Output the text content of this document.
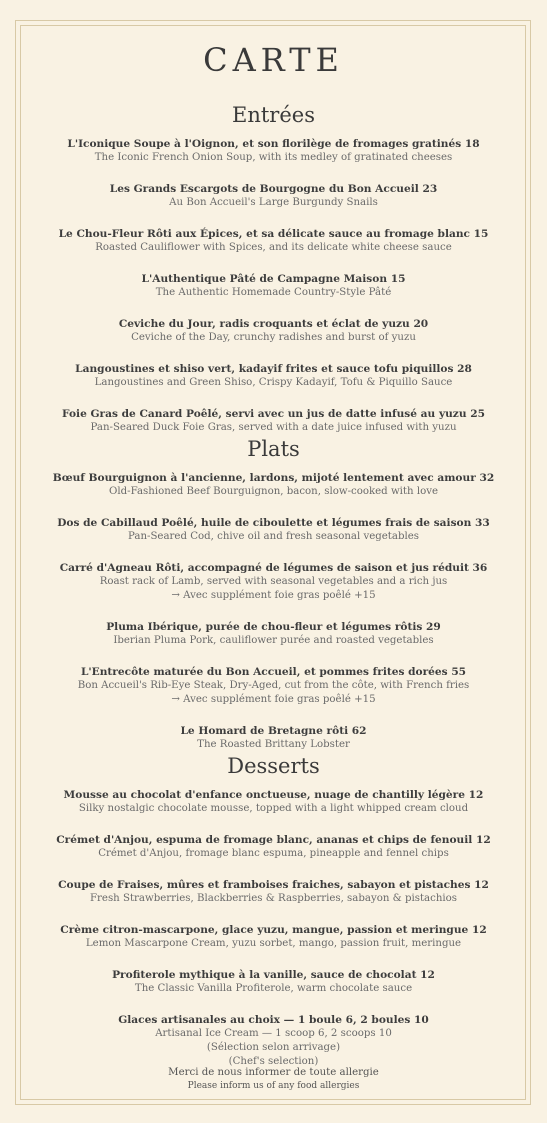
CARTE
Entrées
L'Iconique Soupe à l'Oignon, et son florilège de fromages gratinés 18
The Iconic French Onion Soup, with its medley of gratinated cheeses
Les Grands Escargots de Bourgogne du Bon Accueil 23
Au Bon Accueil's Large Burgundy Snails
Le Chou-Fleur Rôti aux Épices, et sa délicate sauce au fromage blanc 15
Roasted Cauliflower with Spices, and its delicate white cheese sauce
L'Authentique Pâté de Campagne Maison 15
The Authentic Homemade Country-Style Pâté
Ceviche du Jour, radis croquants et éclat de yuzu 20
Ceviche of the Day, crunchy radishes and burst of yuzu
Langoustines et shiso vert, kadayif frites et sauce tofu piquillos 28
Langoustines and Green Shiso, Crispy Kadayif, Tofu & Piquillo Sauce
Foie Gras de Canard Poêlé, servi avec un jus de datte infusé au yuzu 25
Pan-Seared Duck Foie Gras, served with a date juice infused with yuzu
Plats
Bœuf Bourguignon à l'ancienne, lardons, mijoté lentement avec amour 32
Old-Fashioned Beef Bourguignon, bacon, slow-cooked with love
Dos de Cabillaud Poêlé, huile de ciboulette et légumes frais de saison 33
Pan-Seared Cod, chive oil and fresh seasonal vegetables
Carré d'Agneau Rôti, accompagné de légumes de saison et jus réduit 36
Roast rack of Lamb, served with seasonal vegetables and a rich jus
→ Avec supplément foie gras poêlé +15
Pluma Ibérique, purée de chou-fleur et légumes rôtis 29
Iberian Pluma Pork, cauliflower purée and roasted vegetables
L'Entrecôte maturée du Bon Accueil, et pommes frites dorées 55
Bon Accueil's Rib-Eye Steak, Dry-Aged, cut from the côte, with French fries
→ Avec supplément foie gras poêlé +15
Le Homard de Bretagne rôti 62
The Roasted Brittany Lobster
Desserts
Mousse au chocolat d'enfance onctueuse, nuage de chantilly légère 12
Silky nostalgic chocolate mousse, topped with a light whipped cream cloud
Crémet d'Anjou, espuma de fromage blanc, ananas et chips de fenouil 12
Crémet d'Anjou, fromage blanc espuma, pineapple and fennel chips
Coupe de Fraises, mûres et framboises fraiches, sabayon et pistaches 12
Fresh Strawberries, Blackberries & Raspberries, sabayon & pistachios
Crème citron-mascarpone, glace yuzu, mangue, passion et meringue 12
Lemon Mascarpone Cream, yuzu sorbet, mango, passion fruit, meringue
Profiterole mythique à la vanille, sauce de chocolat 12
The Classic Vanilla Profiterole, warm chocolate sauce
Glaces artisanales au choix — 1 boule 6, 2 boules 10
Artisanal Ice Cream — 1 scoop 6, 2 scoops 10
(Sélection selon arrivage)
(Chef's selection)
Merci de nous informer de toute allergie
Please inform us of any food allergies
